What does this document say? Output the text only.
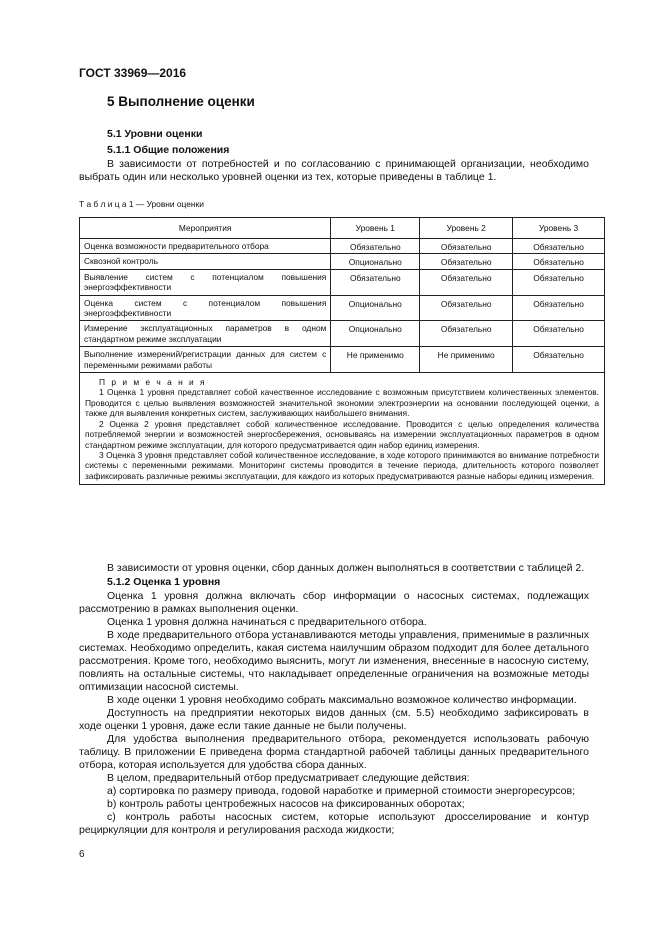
ГОСТ 33969—2016
5 Выполнение оценки
5.1 Уровни оценки
5.1.1 Общие положения
В зависимости от потребностей и по согласованию с принимающей организации, необходимо выбрать один или несколько уровней оценки из тех, которые приведены в таблице 1.
Т а б л и ц а 1 — Уровни оценки
Мероприятия	Уровень 1	Уровень 2	Уровень 3
Оценка возможности предварительного отбора	Обязательно	Обязательно	Обязательно
Сквозной контроль	Опционально	Обязательно	Обязательно
Выявление систем с потенциалом повышения энергоэффективности	Обязательно	Обязательно	Обязательно
Оценка систем с потенциалом повышения энергоэффективности	Опционально	Обязательно	Обязательно
Измерение эксплуатационных параметров в одном стандартном режиме эксплуатации	Опционально	Обязательно	Обязательно
Выполнение измерений/регистрации данных для систем с переменными режимами работы	Не применимо	Не применимо	Обязательно

П р и м е ч а н и я

1 Оценка 1 уровня представляет собой качественное исследование с возможным присутствием количественных элементов. Проводится с целью выявления возможностей значительной экономии электроэнергии на основании последующей оценки, а также для выявления конкретных систем, заслуживающих наибольшего внимания.

2 Оценка 2 уровня представляет собой количественное исследование. Проводится с целью определения количества потребляемой энергии и возможностей энергосбережения, основываясь на измерении эксплуатационных параметров в одном стандартном режиме эксплуатации, для которого предусматривается один набор единиц измерения.

3 Оценка 3 уровня представляет собой количественное исследование, в ходе которого принимаются во внимание потребности системы с переменными режимами. Мониторинг системы проводится в течение периода, длительность которого позволяет зафиксировать различные режимы эксплуатации, для каждого из которых предусматриваются разные наборы единиц измерения.			

В зависимости от уровня оценки, сбор данных должен выполняться в соответствии с таблицей 2.
5.1.2 Оценка 1 уровня
Оценка 1 уровня должна включать сбор информации о насосных системах, подлежащих рассмотрению в рамках выполнения оценки.
Оценка 1 уровня должна начинаться с предварительного отбора.
В ходе предварительного отбора устанавливаются методы управления, применимые в различных системах. Необходимо определить, какая система наилучшим образом подходит для более детального рассмотрения. Кроме того, необходимо выяснить, могут ли изменения, внесенные в насосную систему, повлиять на остальные системы, что накладывает определенные ограничения на возможные методы оптимизации насосной системы.
В ходе оценки 1 уровня необходимо собрать максимально возможное количество информации.
Доступность на предприятии некоторых видов данных (см. 5.5) необходимо зафиксировать в ходе оценки 1 уровня, даже если такие данные не были получены.
Для удобства выполнения предварительного отбора, рекомендуется использовать рабочую таблицу. В приложении Е приведена форма стандартной рабочей таблицы данных предварительного отбора, которая используется для удобства сбора данных.
В целом, предварительный отбор предусматривает следующие действия:
а) сортировка по размеру привода, годовой наработке и примерной стоимости энергоресурсов;
b) контроль работы центробежных насосов на фиксированных оборотах;
c) контроль работы насосных систем, которые используют дросселирование и контур рециркуляции для контроля и регулирования расхода жидкости;
6
